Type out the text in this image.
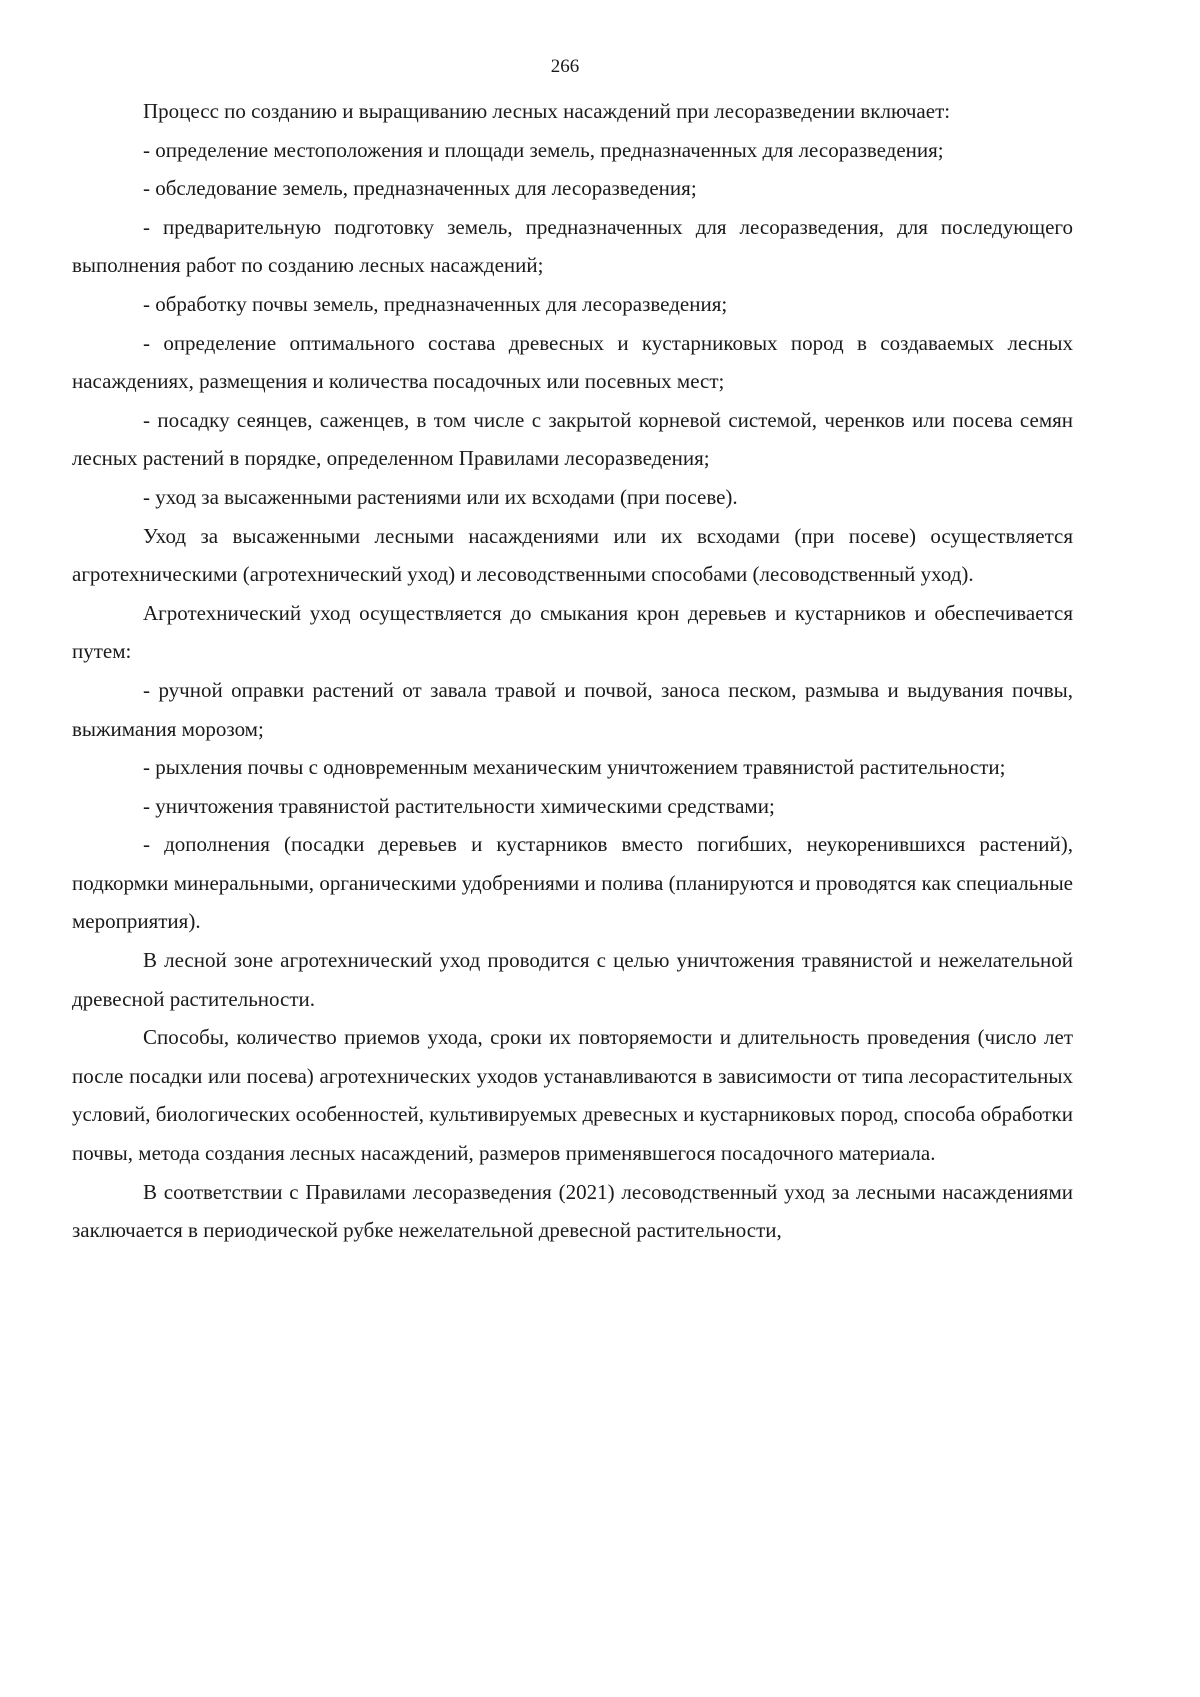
266

Процесс по созданию и выращиванию лесных насаждений при лесоразведении включает:

- определение местоположения и площади земель, предназначенных для лесоразведения;

- обследование земель, предназначенных для лесоразведения;

- предварительную подготовку земель, предназначенных для лесоразведения, для последующего выполнения работ по созданию лесных насаждений;

- обработку почвы земель, предназначенных для лесоразведения;

- определение оптимального состава древесных и кустарниковых пород в создаваемых лесных насаждениях, размещения и количества посадочных или посевных мест;

- посадку сеянцев, саженцев, в том числе с закрытой корневой системой, черенков или посева семян лесных растений в порядке, определенном Правилами лесоразведения;

- уход за высаженными растениями или их всходами (при посеве).

Уход за высаженными лесными насаждениями или их всходами (при посеве) осуществляется агротехническими (агротехнический уход) и лесоводственными способами (лесоводственный уход).

Агротехнический уход осуществляется до смыкания крон деревьев и кустарников и обеспечивается путем:

- ручной оправки растений от завала травой и почвой, заноса песком, размыва и выдувания почвы, выжимания морозом;

- рыхления почвы с одновременным механическим уничтожением травянистой растительности;

- уничтожения травянистой растительности химическими средствами;

- дополнения (посадки деревьев и кустарников вместо погибших, неукоренившихся растений), подкормки минеральными, органическими удобрениями и полива (планируются и проводятся как специальные мероприятия).

В лесной зоне агротехнический уход проводится с целью уничтожения травянистой и нежелательной древесной растительности.

Способы, количество приемов ухода, сроки их повторяемости и длительность проведения (число лет после посадки или посева) агротехнических уходов устанавливаются в зависимости от типа лесорастительных условий, биологических особенностей, культивируемых древесных и кустарниковых пород, способа обработки почвы, метода создания лесных насаждений, размеров применявшегося посадочного материала.

В соответствии с Правилами лесоразведения (2021) лесоводственный уход за лесными насаждениями заключается в периодической рубке нежелательной древесной растительности,
